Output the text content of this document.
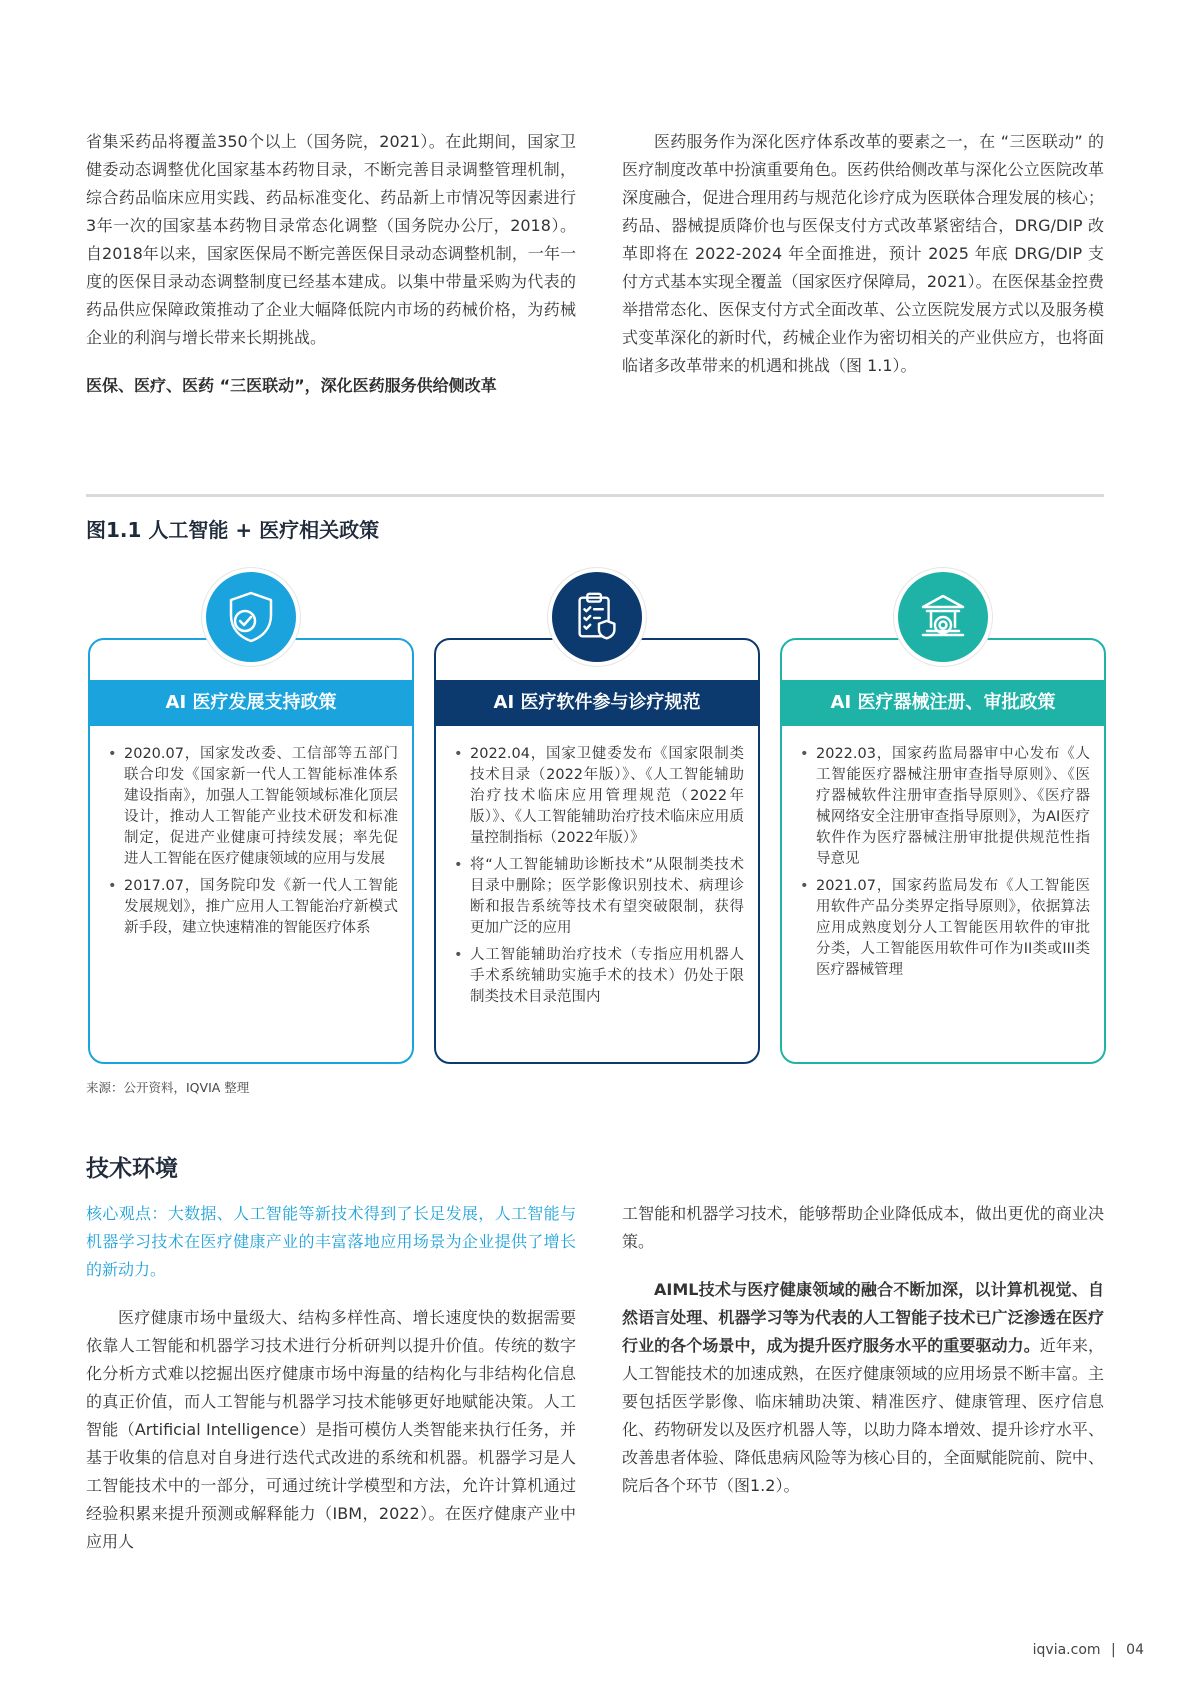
省集采药品将覆盖350个以上（国务院，2021）。在此期间，国家卫健委动态调整优化国家基本药物目录，不断完善目录调整管理机制，综合药品临床应用实践、药品标准变化、药品新上市情况等因素进行3年一次的国家基本药物目录常态化调整（国务院办公厅，2018）。自2018年以来，国家医保局不断完善医保目录动态调整机制，一年一度的医保目录动态调整制度已经基本建成。以集中带量采购为代表的药品供应保障政策推动了企业大幅降低院内市场的药械价格，为药械企业的利润与增长带来长期挑战。

医保、医疗、医药 “三医联动”，深化医药服务供给侧改革

医药服务作为深化医疗体系改革的要素之一，在 “三医联动” 的医疗制度改革中扮演重要角色。医药供给侧改革与深化公立医院改革深度融合，促进合理用药与规范化诊疗成为医联体合理发展的核心；药品、器械提质降价也与医保支付方式改革紧密结合，DRG/DIP 改革即将在 2022-2024 年全面推进，预计 2025 年底 DRG/DIP 支付方式基本实现全覆盖（国家医疗保障局，2021）。在医保基金控费举措常态化、医保支付方式全面改革、公立医院发展方式以及服务模式变革深化的新时代，药械企业作为密切相关的产业供应方，也将面临诸多改革带来的机遇和挑战（图 1.1）。

图1.1 人工智能 + 医疗相关政策
AI 医疗发展支持政策
• 2020.07，国家发改委、工信部等五部门联合印发《国家新一代人工智能标准体系建设指南》，加强人工智能领域标准化顶层设计，推动人工智能产业技术研发和标准制定，促进产业健康可持续发展；率先促进人工智能在医疗健康领域的应用与发展
• 2017.07，国务院印发《新一代人工智能发展规划》，推广应用人工智能治疗新模式新手段，建立快速精准的智能医疗体系
AI 医疗软件参与诊疗规范
• 2022.04，国家卫健委发布《国家限制类技术目录（2022年版）》、《人工智能辅助治疗技术临床应用管理规范（2022年版）》、《人工智能辅助治疗技术临床应用质量控制指标（2022年版）》
• 将“人工智能辅助诊断技术”从限制类技术目录中删除；医学影像识别技术、病理诊断和报告系统等技术有望突破限制，获得更加广泛的应用
• 人工智能辅助治疗技术（专指应用机器人手术系统辅助实施手术的技术）仍处于限制类技术目录范围内
AI 医疗器械注册、审批政策
• 2022.03，国家药监局器审中心发布《人工智能医疗器械注册审查指导原则》、《医疗器械软件注册审查指导原则》、《医疗器械网络安全注册审查指导原则》，为AI医疗软件作为医疗器械注册审批提供规范性指导意见
• 2021.07，国家药监局发布《人工智能医用软件产品分类界定指导原则》，依据算法应用成熟度划分人工智能医用软件的审批分类，人工智能医用软件可作为II类或III类医疗器械管理
来源：公开资料，IQVIA 整理
技术环境

核心观点：大数据、人工智能等新技术得到了长足发展，人工智能与机器学习技术在医疗健康产业的丰富落地应用场景为企业提供了增长的新动力。

医疗健康市场中量级大、结构多样性高、增长速度快的数据需要依靠人工智能和机器学习技术进行分析研判以提升价值。传统的数字化分析方式难以挖掘出医疗健康市场中海量的结构化与非结构化信息的真正价值，而人工智能与机器学习技术能够更好地赋能决策。人工智能（Artificial Intelligence）是指可模仿人类智能来执行任务，并基于收集的信息对自身进行迭代式改进的系统和机器。机器学习是人工智能技术中的一部分，可通过统计学模型和方法，允许计算机通过经验积累来提升预测或解释能力（IBM，2022）。在医疗健康产业中应用人

工智能和机器学习技术，能够帮助企业降低成本，做出更优的商业决策。

AIML技术与医疗健康领域的融合不断加深，以计算机视觉、自然语言处理、机器学习等为代表的人工智能子技术已广泛渗透在医疗行业的各个场景中，成为提升医疗服务水平的重要驱动力。近年来，人工智能技术的加速成熟，在医疗健康领域的应用场景不断丰富。主要包括医学影像、临床辅助决策、精准医疗、健康管理、医疗信息化、药物研发以及医疗机器人等，以助力降本增效、提升诊疗水平、改善患者体验、降低患病风险等为核心目的，全面赋能院前、院中、院后各个环节（图1.2）。

iqvia.com | 04
